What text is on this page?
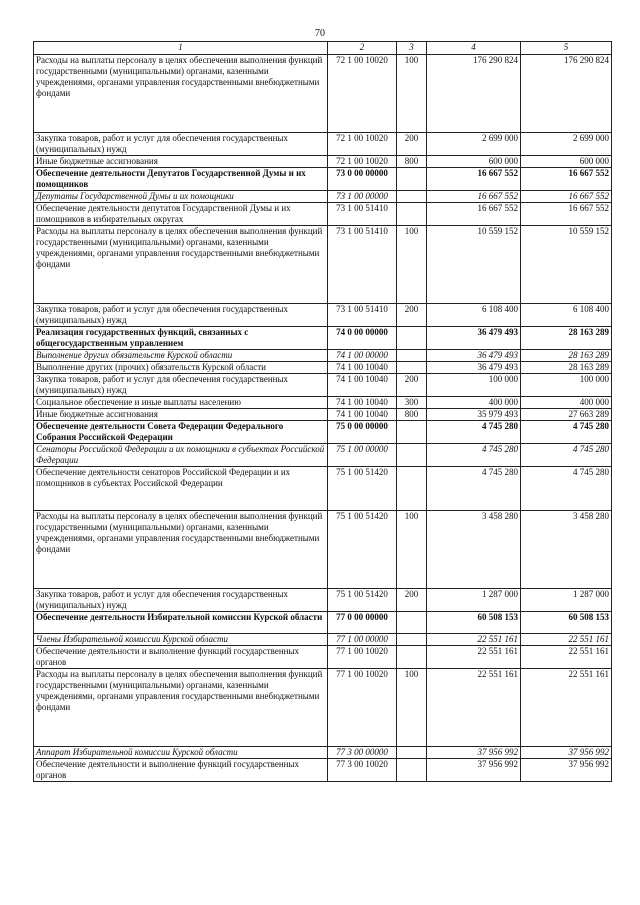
70
1	2	3	4	5
Расходы на выплаты персоналу в целях обеспечения выполнения функций государственными (муниципальными) органами, казенными учреждениями, органами управления государственными внебюджетными фондами	72 1 00 10020	100	176 290 824	176 290 824
Закупка товаров, работ и услуг для обеспечения государственных (муниципальных) нужд	72 1 00 10020	200	2 699 000	2 699 000
Иные бюджетные ассигнования	72 1 00 10020	800	600 000	600 000
Обеспечение деятельности Депутатов Государственной Думы и их помощников	73 0 00 00000		16 667 552	16 667 552
Депутаты Государственной Думы и их помощники	73 1 00 00000		16 667 552	16 667 552
Обеспечение деятельности депутатов Государственной Думы и их помощников в избирательных округах	73 1 00 51410		16 667 552	16 667 552
Расходы на выплаты персоналу в целях обеспечения выполнения функций государственными (муниципальными) органами, казенными учреждениями, органами управления государственными внебюджетными фондами	73 1 00 51410	100	10 559 152	10 559 152
Закупка товаров, работ и услуг для обеспечения государственных (муниципальных) нужд	73 1 00 51410	200	6 108 400	6 108 400
Реализация государственных функций, связанных с общегосударственным управлением	74 0 00 00000		36 479 493	28 163 289
Выполнение других обязательств Курской области	74 1 00 00000		36 479 493	28 163 289
Выполнение других (прочих) обязательств Курской области	74 1 00 10040		36 479 493	28 163 289
Закупка товаров, работ и услуг для обеспечения государственных (муниципальных) нужд	74 1 00 10040	200	100 000	100 000
Социальное обеспечение и иные выплаты населению	74 1 00 10040	300	400 000	400 000
Иные бюджетные ассигнования	74 1 00 10040	800	35 979 493	27 663 289
Обеспечение деятельности Совета Федерации Федерального Собрания Российской Федерации	75 0 00 00000		4 745 280	4 745 280
Сенаторы Российской Федерации и их помощники в субъектах Российской Федерации	75 1 00 00000		4 745 280	4 745 280
Обеспечение деятельности сенаторов Российской Федерации и их помощников в субъектах Российской Федерации	75 1 00 51420		4 745 280	4 745 280
Расходы на выплаты персоналу в целях обеспечения выполнения функций государственными (муниципальными) органами, казенными учреждениями, органами управления государственными внебюджетными фондами	75 1 00 51420	100	3 458 280	3 458 280
Закупка товаров, работ и услуг для обеспечения государственных (муниципальных) нужд	75 1 00 51420	200	1 287 000	1 287 000
Обеспечение деятельности Избирательной комиссии Курской области	77 0 00 00000		60 508 153	60 508 153
Члены Избирательной комиссии Курской области	77 1 00 00000		22 551 161	22 551 161
Обеспечение деятельности и выполнение функций государственных органов	77 1 00 10020		22 551 161	22 551 161
Расходы на выплаты персоналу в целях обеспечения выполнения функций государственными (муниципальными) органами, казенными учреждениями, органами управления государственными внебюджетными фондами	77 1 00 10020	100	22 551 161	22 551 161
Аппарат Избирательной комиссии Курской области	77 3 00 00000		37 956 992	37 956 992
Обеспечение деятельности и выполнение функций государственных органов	77 3 00 10020		37 956 992	37 956 992
